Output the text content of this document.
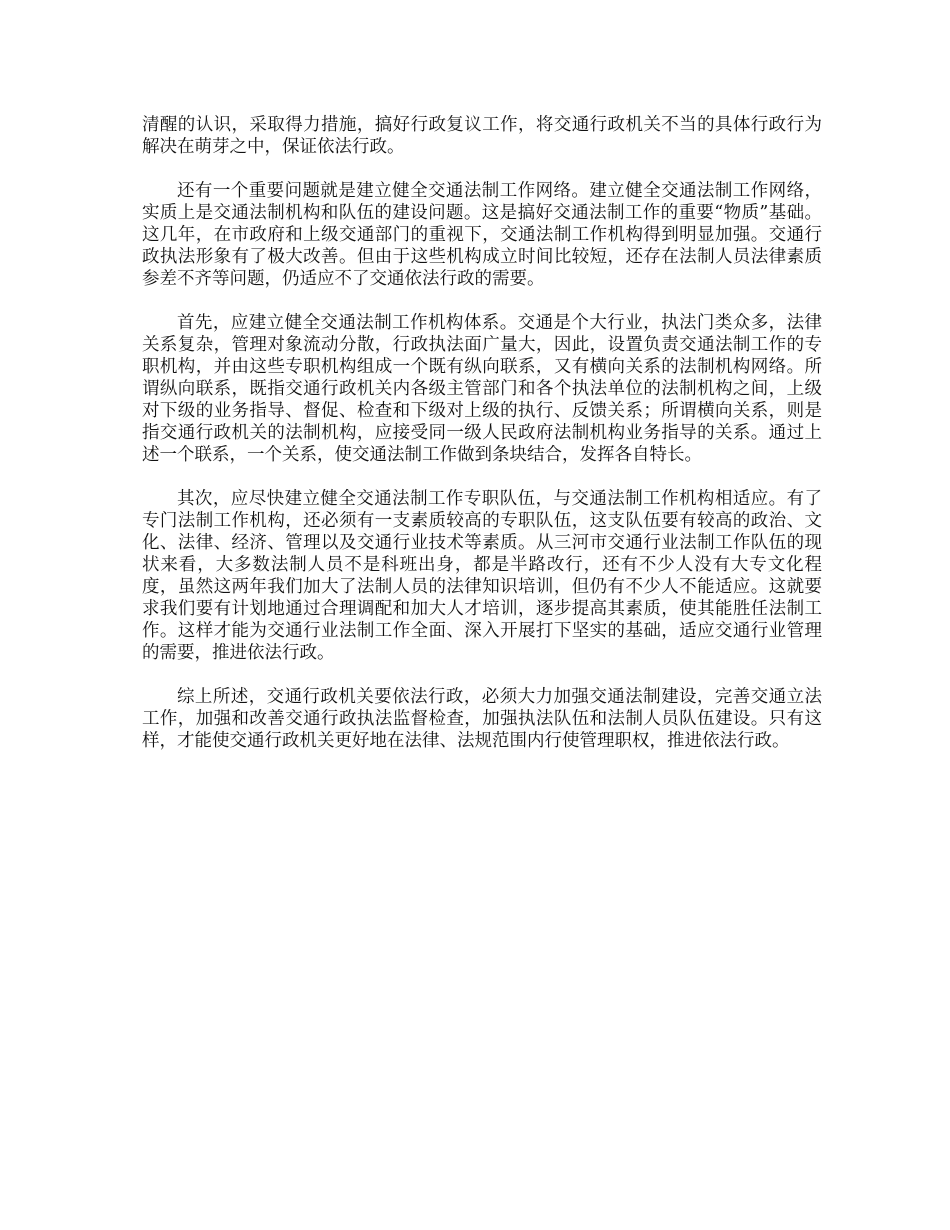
清醒的认识，采取得力措施，搞好行政复议工作，将交通行政机关不当的具体行政行为解决在萌芽之中，保证依法行政。

还有一个重要问题就是建立健全交通法制工作网络。建立健全交通法制工作网络，实质上是交通法制机构和队伍的建设问题。这是搞好交通法制工作的重要“物质”基础。这几年，在市政府和上级交通部门的重视下，交通法制工作机构得到明显加强。交通行政执法形象有了极大改善。但由于这些机构成立时间比较短，还存在法制人员法律素质参差不齐等问题，仍适应不了交通依法行政的需要。

首先，应建立健全交通法制工作机构体系。交通是个大行业，执法门类众多，法律关系复杂，管理对象流动分散，行政执法面广量大，因此，设置负责交通法制工作的专职机构，并由这些专职机构组成一个既有纵向联系，又有横向关系的法制机构网络。所谓纵向联系，既指交通行政机关内各级主管部门和各个执法单位的法制机构之间，上级对下级的业务指导、督促、检查和下级对上级的执行、反馈关系；所谓横向关系，则是指交通行政机关的法制机构，应接受同一级人民政府法制机构业务指导的关系。通过上述一个联系，一个关系，使交通法制工作做到条块结合，发挥各自特长。

其次，应尽快建立健全交通法制工作专职队伍，与交通法制工作机构相适应。有了专门法制工作机构，还必须有一支素质较高的专职队伍，这支队伍要有较高的政治、文化、法律、经济、管理以及交通行业技术等素质。从三河市交通行业法制工作队伍的现状来看，大多数法制人员不是科班出身，都是半路改行，还有不少人没有大专文化程度，虽然这两年我们加大了法制人员的法律知识培训，但仍有不少人不能适应。这就要求我们要有计划地通过合理调配和加大人才培训，逐步提高其素质，使其能胜任法制工作。这样才能为交通行业法制工作全面、深入开展打下坚实的基础，适应交通行业管理的需要，推进依法行政。

综上所述，交通行政机关要依法行政，必须大力加强交通法制建设，完善交通立法工作，加强和改善交通行政执法监督检查，加强执法队伍和法制人员队伍建设。只有这样，才能使交通行政机关更好地在法律、法规范围内行使管理职权，推进依法行政。
